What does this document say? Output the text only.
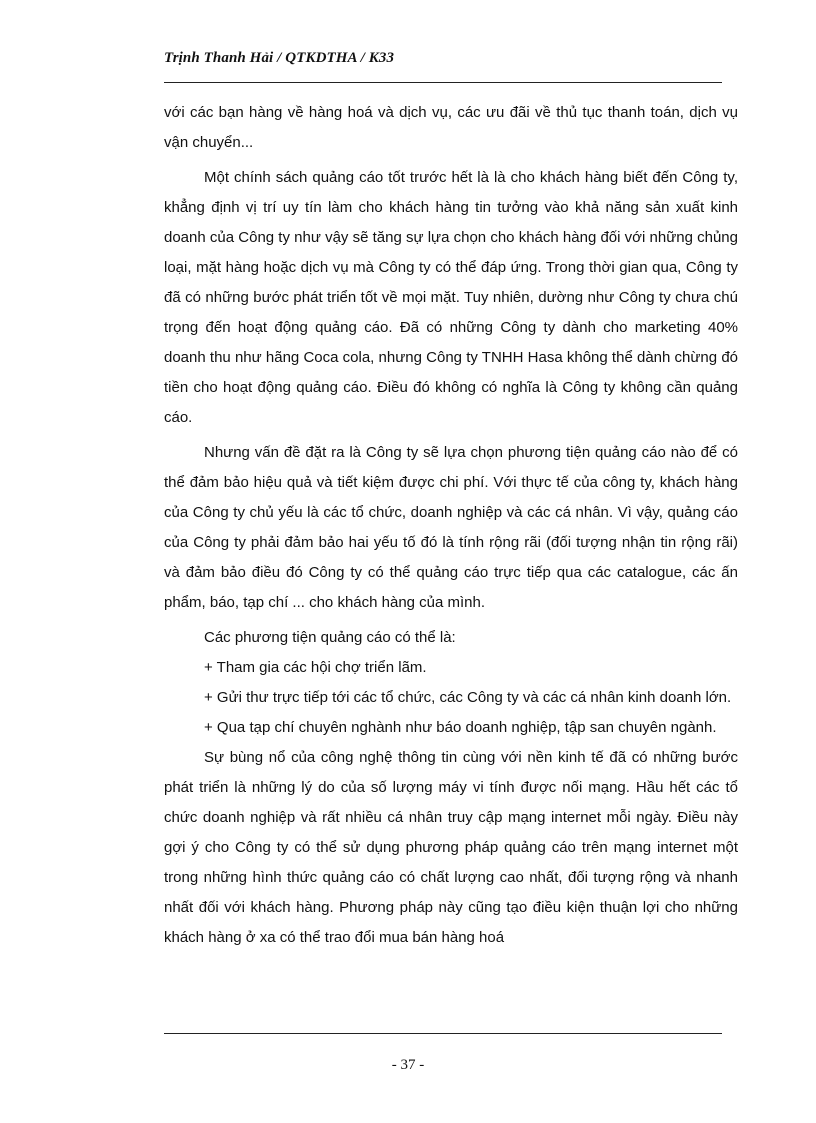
Trịnh Thanh Hải / QTKDTHA / K33

với các bạn hàng về hàng hoá và dịch vụ, các ưu đãi về thủ tục thanh toán, dịch vụ vận chuyển...

Một chính sách quảng cáo tốt trước hết là là cho khách hàng biết đến Công ty, khẳng định vị trí uy tín làm cho khách hàng tin tưởng vào khả năng sản xuất kinh doanh của Công ty như vậy sẽ tăng sự lựa chọn cho khách hàng đối với những chủng loại, mặt hàng hoặc dịch vụ mà Công ty có thể đáp ứng. Trong thời gian qua, Công ty đã có những bước phát triển tốt về mọi mặt. Tuy nhiên, dường như Công ty chưa chú trọng đến hoạt động quảng cáo. Đã có những Công ty dành cho marketing 40% doanh thu như hãng Coca cola, nhưng Công ty TNHH Hasa không thể dành chừng đó tiền cho hoạt động quảng cáo. Điều đó không có nghĩa là Công ty không cần quảng cáo.

Nhưng vấn đề đặt ra là Công ty sẽ lựa chọn phương tiện quảng cáo nào để có thể đảm bảo hiệu quả và tiết kiệm được chi phí. Với thực tế của công ty, khách hàng của Công ty chủ yếu là các tổ chức, doanh nghiệp và các cá nhân. Vì vậy, quảng cáo của Công ty phải đảm bảo hai yếu tố đó là tính rộng rãi (đối tượng nhận tin rộng rãi) và đảm bảo điều đó Công ty có thể quảng cáo trực tiếp qua các catalogue, các ấn phẩm, báo, tạp chí ... cho khách hàng của mình.

Các phương tiện quảng cáo có thể là:

+ Tham gia các hội chợ triển lãm.

+ Gửi thư trực tiếp tới các tổ chức, các Công ty và các cá nhân kinh doanh lớn.

+ Qua tạp chí chuyên nghành như báo doanh nghiệp, tập san chuyên ngành.

Sự bùng nổ của công nghệ thông tin cùng với nền kinh tế đã có những bước phát triển là những lý do của số lượng máy vi tính được nối mạng. Hầu hết các tổ chức doanh nghiệp và rất nhiều cá nhân truy cập mạng internet mỗi ngày. Điều này gợi ý cho Công ty có thể sử dụng phương pháp quảng cáo trên mạng internet một trong những hình thức quảng cáo có chất lượng cao nhất, đối tượng rộng và nhanh nhất đối với khách hàng. Phương pháp này cũng tạo điều kiện thuận lợi cho những khách hàng ở xa có thể trao đổi mua bán hàng hoá

- 37 -
